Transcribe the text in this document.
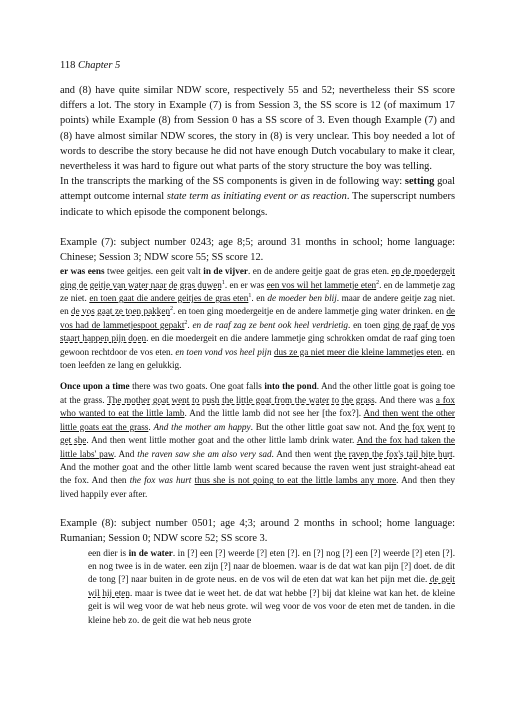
118 Chapter 5

and (8) have quite similar NDW score, respectively 55 and 52; nevertheless their SS score differs a lot. The story in Example (7) is from Session 3, the SS score is 12 (of maximum 17 points) while Example (8) from Session 0 has a SS score of 3. Even though Example (7) and (8) have almost similar NDW scores, the story in (8) is very unclear. This boy needed a lot of words to describe the story because he did not have enough Dutch vocabulary to make it clear, nevertheless it was hard to figure out what parts of the story structure the boy was telling.

In the transcripts the marking of the SS components is given in de following way: setting goal attempt outcome internal state term as initiating event or as reaction. The superscript numbers indicate to which episode the component belongs.

Example (7): subject number 0243; age 8;5; around 31 months in school; home language: Chinese; Session 3; NDW score 55; SS score 12.

er was eens twee geitjes. een geit valt in de vijver. en de andere geitje gaat de gras eten. en de moedergeit ging de geitje van water naar de gras duwen$^1$. en er was een vos wil het lammetje eten$^2$. en de lammetje zag ze niet. en toen gaat die andere geitjes de gras eten$^1$. en de moeder ben blij. maar de andere geitje zag niet. en de vos gaat ze toen pakken$^2$. en toen ging moedergeitje en de andere lammetje ging water drinken. en de vos had de lammetjespoot gepakt$^2$. en de raaf zag ze bent ook heel verdrietig. en toen ging de raaf de vos staart happen pijn doen. en die moedergeit en die andere lammetje ging schrokken omdat de raaf ging toen gewoon rechtdoor de vos eten. en toen vond vos heel pijn dus ze ga niet meer die kleine lammetjes eten. en toen leefden ze lang en gelukkig.

Once upon a time there was two goats. One goat falls into the pond. And the other little goat is going toe at the grass. The mother goat went to push the little goat from the water to the grass. And there was a fox who wanted to eat the little lamb. And the little lamb did not see her [the fox?]. And then went the other little goats eat the grass. And the mother am happy. But the other little goat saw not. And the fox went to get she. And then went little mother goat and the other little lamb drink water. And the fox had taken the little labs' paw. And the raven saw she am also very sad. And then went the raven the fox's tail bite hurt. And the mother goat and the other little lamb went scared because the raven went just straight-ahead eat the fox. And then the fox was hurt thus she is not going to eat the little lambs any more. And then they lived happily ever after.

Example (8): subject number 0501; age 4;3; around 2 months in school; home language: Rumanian; Session 0; NDW score 52; SS score 3.

een dier is in de water. in [?] een [?] weerde [?] eten [?]. en [?] nog [?] een [?] weerde [?] eten [?]. en nog twee is in de water. een zijn [?] naar de bloemen. waar is de dat wat kan pijn [?] doet. de dit de tong [?] naar buiten in de grote neus. en de vos wil de eten dat wat kan het pijn met die. de geit wil hij eten. maar is twee dat ie weet het. de dat wat hebbe [?] bij dat kleine wat kan het. de kleine geit is wil weg voor de wat heb neus grote. wil weg voor de vos voor de eten met de tanden. in die kleine heb zo. de geit die wat heb neus grote
